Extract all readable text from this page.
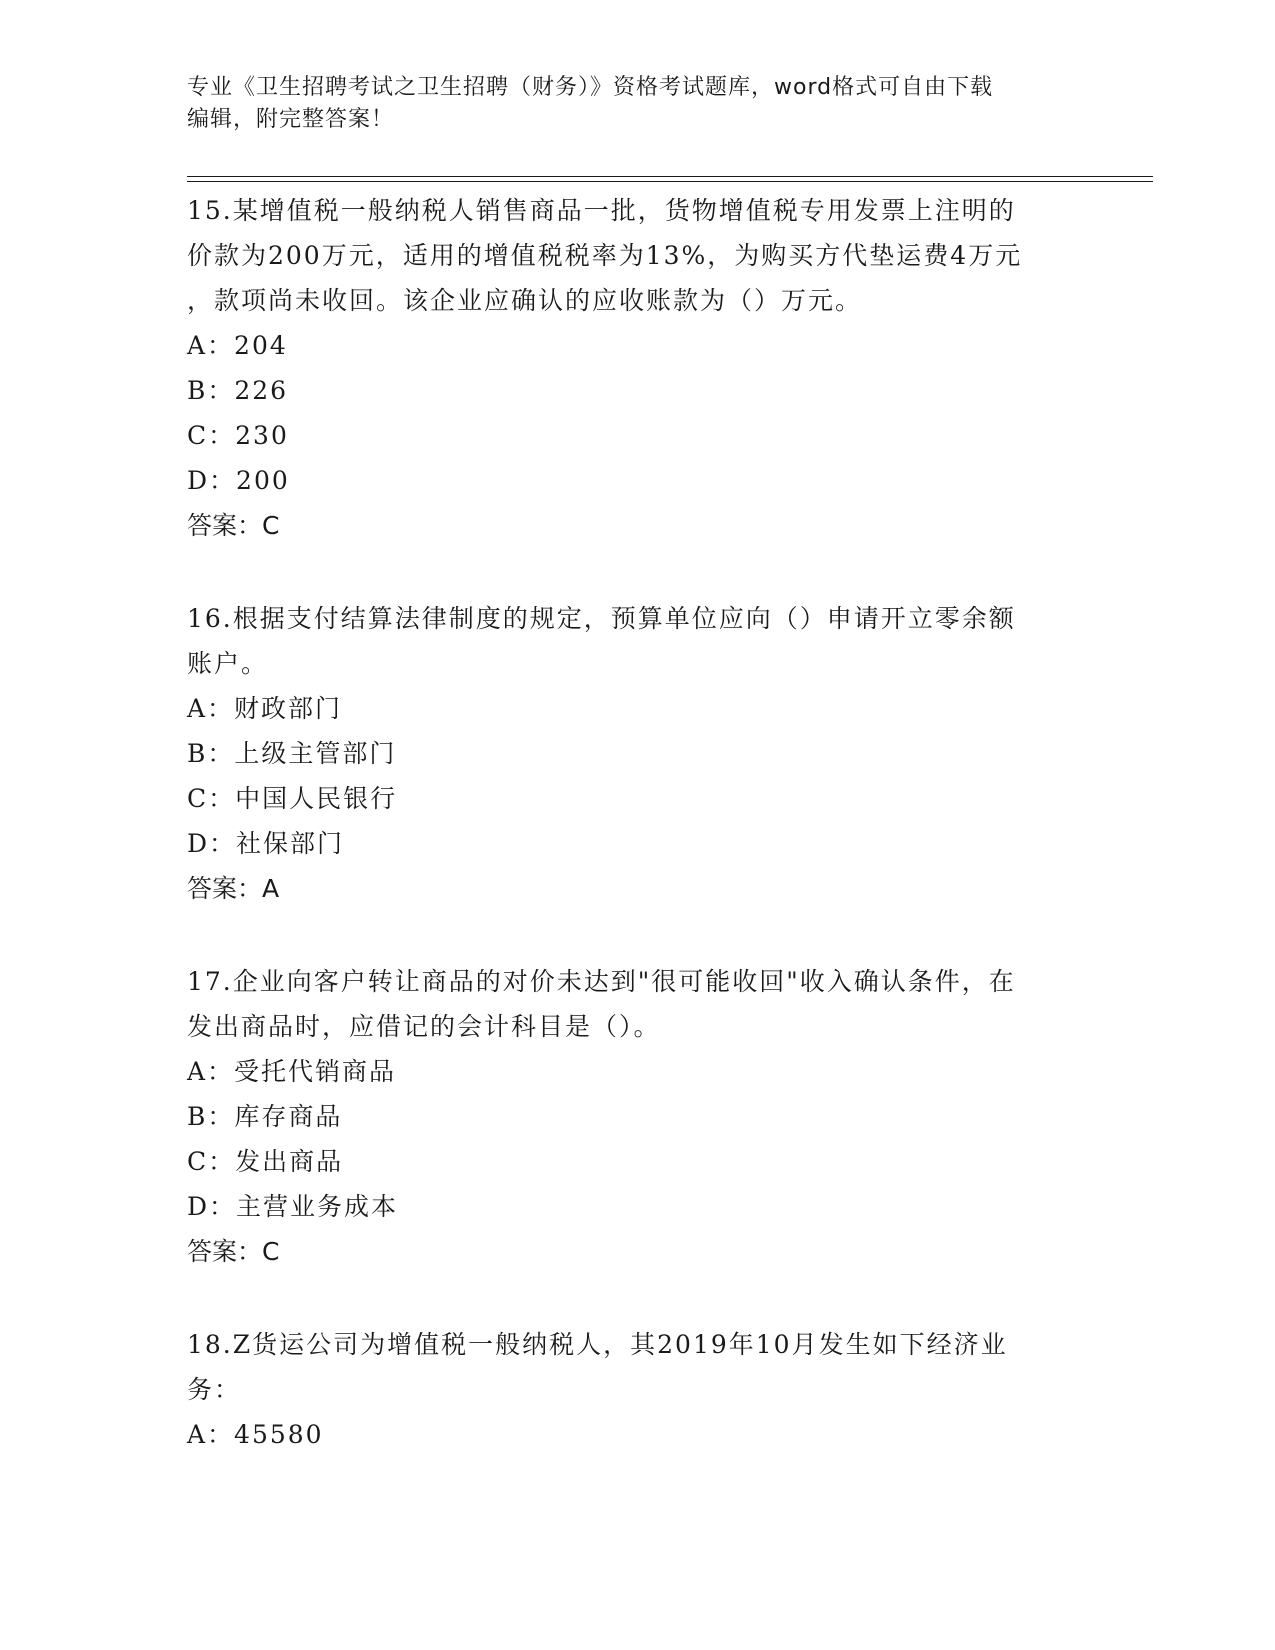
专业《卫生招聘考试之卫生招聘（财务）》资格考试题库，word格式可自由下载
编辑，附完整答案！

15.某增值税一般纳税人销售商品一批，货物增值税专用发票上注明的

价款为200万元，适用的增值税税率为13%，为购买方代垫运费4万元

，款项尚未收回。该企业应确认的应收账款为（）万元。

A：204

B：226

C：230

D：200

答案：C

16.根据支付结算法律制度的规定，预算单位应向（）申请开立零余额

账户。

A：财政部门

B：上级主管部门

C：中国人民银行

D：社保部门

答案：A

17.企业向客户转让商品的对价未达到"很可能收回"收入确认条件，在

发出商品时，应借记的会计科目是（）。

A：受托代销商品

B：库存商品

C：发出商品

D：主营业务成本

答案：C

18.Z货运公司为增值税一般纳税人，其2019年10月发生如下经济业

务：

A：45580
